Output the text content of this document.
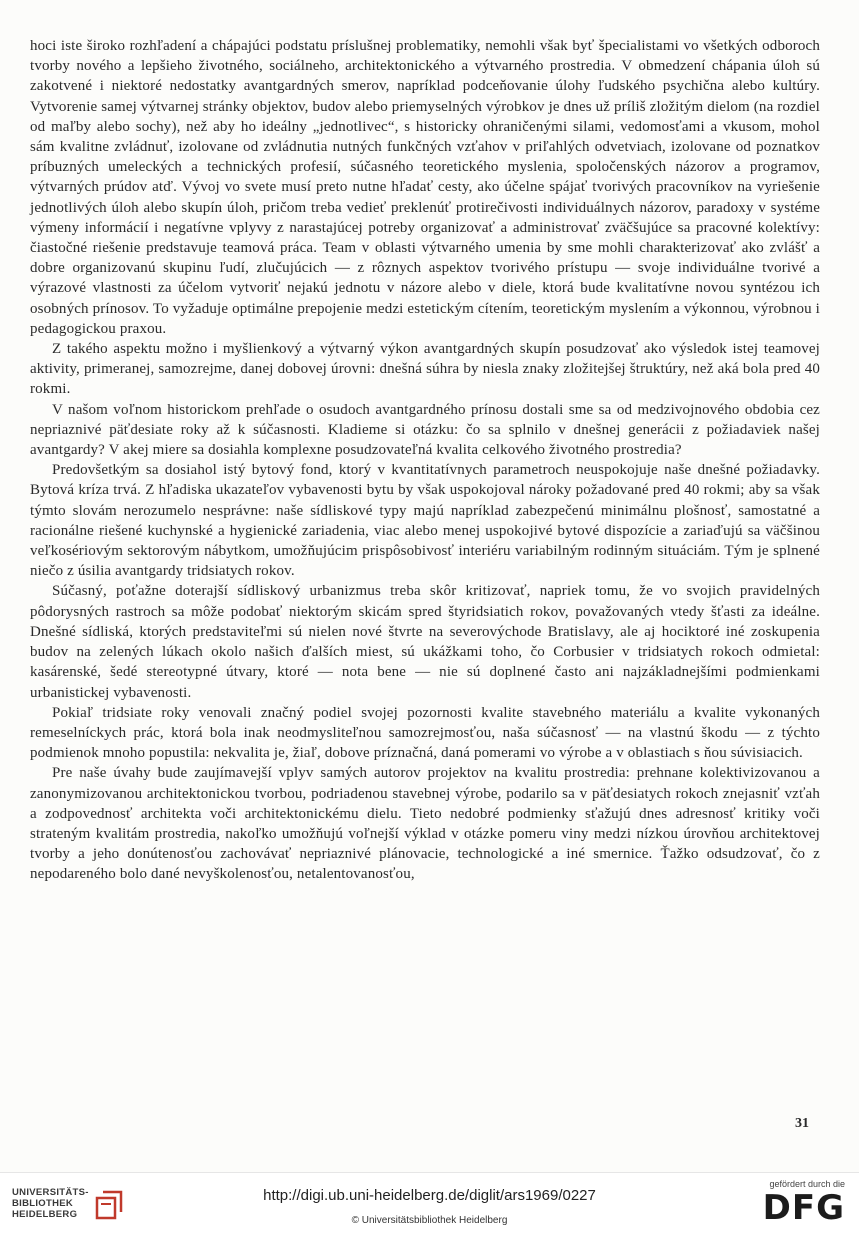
hoci iste široko rozhľadení a chápajúci podstatu príslušnej problematiky, nemohli však byť špecialistami vo všetkých odboroch tvorby nového a lepšieho životného, sociálneho, architektonického a výtvarného prostredia. V obmedzení chápania úloh sú zakotvené i niektoré nedostatky avantgardných smerov, napríklad podceňovanie úlohy ľudského psychična alebo kultúry. Vytvorenie samej výtvarnej stránky objektov, budov alebo priemyselných výrobkov je dnes už príliš zložitým dielom (na rozdiel od maľby alebo sochy), než aby ho ideálny „jednotlivec“, s historicky ohraničenými silami, vedomosťami a vkusom, mohol sám kvalitne zvládnuť, izolovane od zvládnutia nutných funkčných vzťahov v priľahlých odvetviach, izolovane od poznatkov príbuzných umeleckých a technických profesií, súčasného teoretického myslenia, spoločenských názorov a programov, výtvarných prúdov atď. Vývoj vo svete musí preto nutne hľadať cesty, ako účelne spájať tvorivých pracovníkov na vyriešenie jednotlivých úloh alebo skupín úloh, pričom treba vedieť preklenúť protirečivosti individuálnych názorov, paradoxy v systéme výmeny informácií i negatívne vplyvy z narastajúcej potreby organizovať a administrovať zväčšujúce sa pracovné kolektívy: čiastočné riešenie predstavuje teamová práca. Team v oblasti výtvarného umenia by sme mohli charakterizovať ako zvlášť a dobre organizovanú skupinu ľudí, zlučujúcich — z rôznych aspektov tvorivého prístupu — svoje individuálne tvorivé a výrazové vlastnosti za účelom vytvoriť nejakú jednotu v názore alebo v diele, ktorá bude kvalitatívne novou syntézou ich osobných prínosov. To vyžaduje optimálne prepojenie medzi estetickým cítením, teoretickým myslením a výkonnou, výrobnou i pedagogickou praxou.

Z takého aspektu možno i myšlienkový a výtvarný výkon avantgardných skupín posudzovať ako výsledok istej teamovej aktivity, primeranej, samozrejme, danej dobovej úrovni: dnešná súhra by niesla znaky zložitejšej štruktúry, než aká bola pred 40 rokmi.

V našom voľnom historickom prehľade o osudoch avantgardného prínosu dostali sme sa od medzivojnového obdobia cez nepriaznivé päťdesiate roky až k súčasnosti. Kladieme si otázku: čo sa splnilo v dnešnej generácii z požiadaviek našej avantgardy? V akej miere sa dosiahla komplexne posudzovateľná kvalita celkového životného prostredia?

Predovšetkým sa dosiahol istý bytový fond, ktorý v kvantitatívnych parametroch neuspokojuje naše dnešné požiadavky. Bytová kríza trvá. Z hľadiska ukazateľov vybavenosti bytu by však uspokojoval nároky požadované pred 40 rokmi; aby sa však týmto slovám nerozumelo nesprávne: naše sídliskové typy majú napríklad zabezpečenú minimálnu plošnosť, samostatné a racionálne riešené kuchynské a hygienické zariadenia, viac alebo menej uspokojivé bytové dispozície a zariaďujú sa väčšinou veľkosériovým sektorovým nábytkom, umožňujúcim prispôsobivosť interiéru variabilným rodinným situáciám. Tým je splnené niečo z úsilia avantgardy tridsiatych rokov.

Súčasný, poťažne doterajší sídliskový urbanizmus treba skôr kritizovať, napriek tomu, že vo svojich pravidelných pôdorysných rastroch sa môže podobať niektorým skicám spred štyridsiatich rokov, považovaných vtedy šťasti za ideálne. Dnešné sídliská, ktorých predstaviteľmi sú nielen nové štvrte na severovýchode Bratislavy, ale aj hociktoré iné zoskupenia budov na zelených lúkach okolo našich ďalších miest, sú ukážkami toho, čo Corbusier v tridsiatych rokoch odmietal: kasárenské, šedé stereotypné útvary, ktoré — nota bene — nie sú doplnené často ani najzákladnejšími podmienkami urbanistickej vybavenosti.

Pokiaľ tridsiate roky venovali značný podiel svojej pozornosti kvalite stavebného materiálu a kvalite vykonaných remeselníckych prác, ktorá bola inak neodmysliteľnou samozrejmosťou, naša súčasnosť — na vlastnú škodu — z týchto podmienok mnoho popustila: nekvalita je, žiaľ, dobove príznačná, daná pomerami vo výrobe a v oblastiach s ňou súvisiacich.

Pre naše úvahy bude zaujímavejší vplyv samých autorov projektov na kvalitu prostredia: prehnane kolektivizovanou a zanonymizovanou architektonickou tvorbou, podriadenou stavebnej výrobe, podarilo sa v päťdesiatych rokoch znejasniť vzťah a zodpovednosť architekta voči architektonickému dielu. Tieto nedobré podmienky sťažujú dnes adresnosť kritiky voči strateným kvalitám prostredia, nakoľko umožňujú voľnejší výklad v otázke pomeru viny medzi nízkou úrovňou architektovej tvorby a jeho donútenosťou zachovávať nepriaznivé plánovacie, technologické a iné smernice. Ťažko odsudzovať, čo z nepodareného bolo dané nevyškolenosťou, netalentovanosťou,

31
UNIVERSITÄTS-
BIBLIOTHEK
HEIDELBERG
http://digi.ub.uni-heidelberg.de/diglit/ars1969/0227
© Universitätsbibliothek Heidelberg
gefördert durch die
DFG
